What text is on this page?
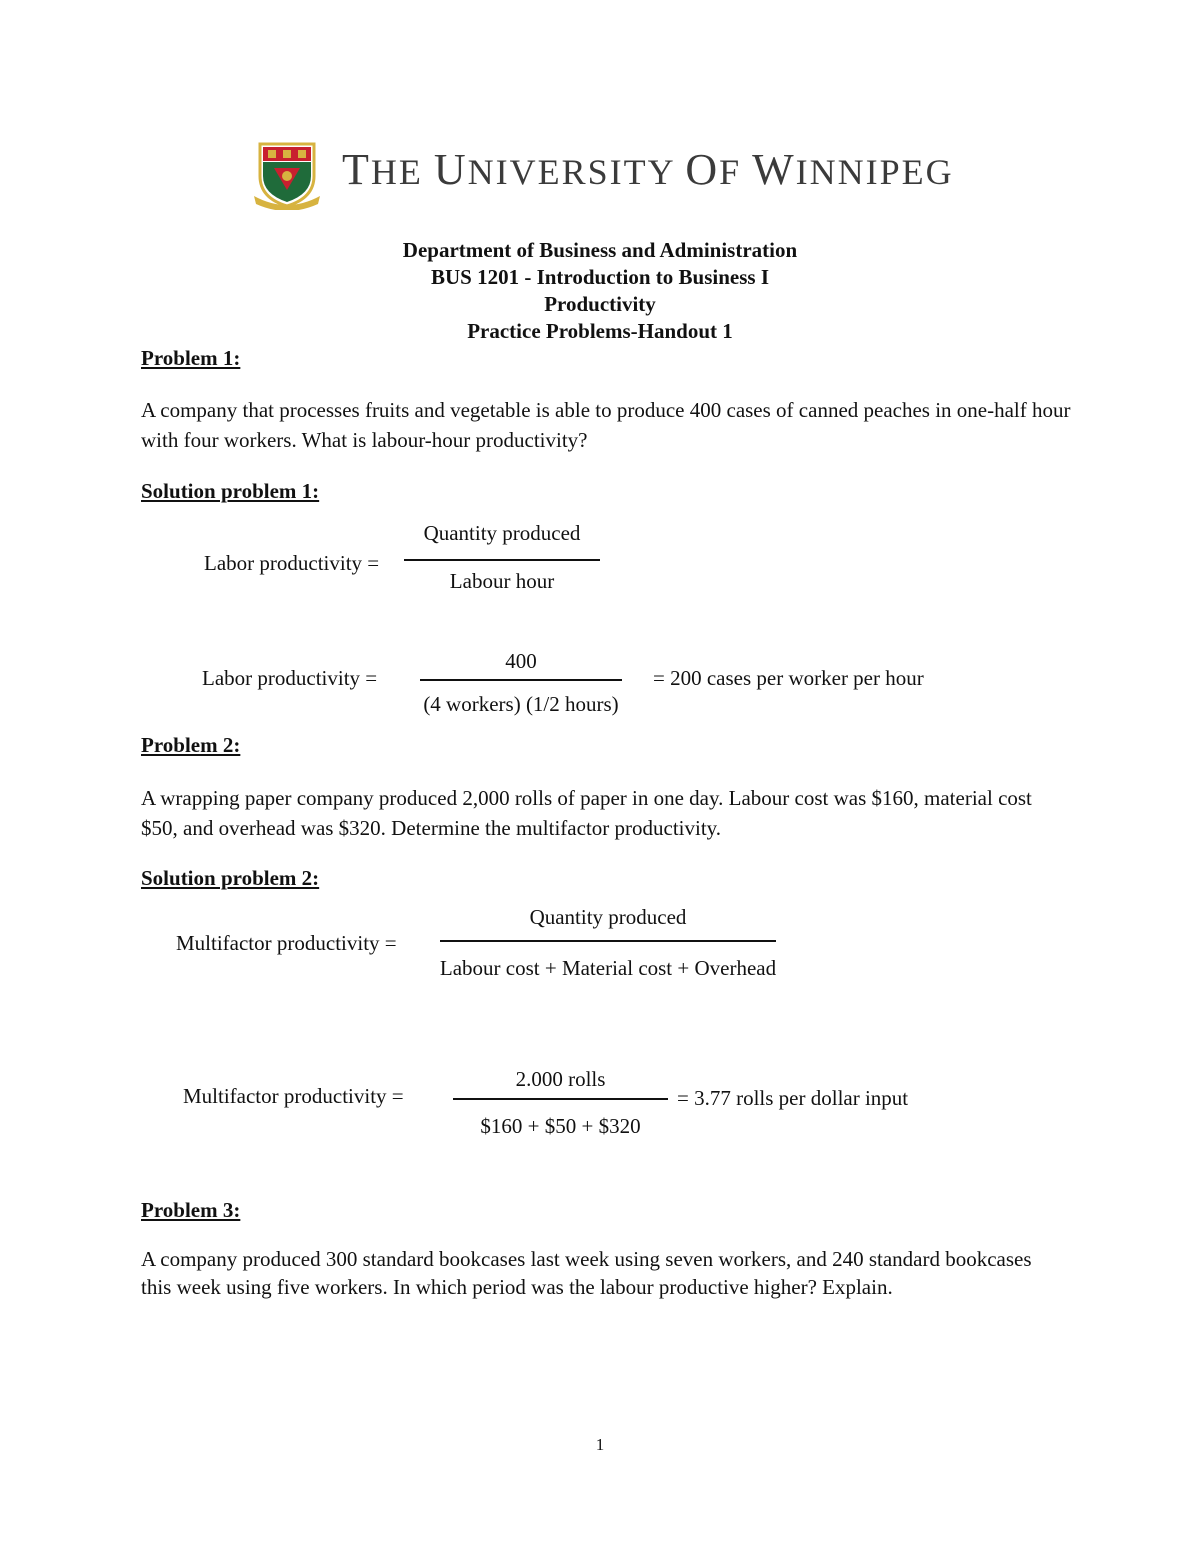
THE UNIVERSITY OF WINNIPEG
Department of Business and Administration
BUS 1201 - Introduction to Business I
Productivity
Practice Problems-Handout 1
Problem 1:
A company that processes fruits and vegetable is able to produce 400 cases of canned peaches in one-half hour with four workers. What is labour-hour productivity?
Solution problem 1:
Labor productivity =
Quantity produced
Labour hour
Labor productivity =
400
(4 workers) (1/2 hours)
= 200 cases per worker per hour
Problem 2:
A wrapping paper company produced 2,000 rolls of paper in one day. Labour cost was $160, material cost $50, and overhead was $320. Determine the multifactor productivity.
Solution problem 2:
Multifactor productivity =
Quantity produced
Labour cost + Material cost + Overhead
Multifactor productivity =
2.000 rolls
$160 + $50 + $320
= 3.77 rolls per dollar input
Problem 3:
A company produced 300 standard bookcases last week using seven workers, and 240 standard bookcases this week using five workers. In which period was the labour productive higher? Explain.
1
